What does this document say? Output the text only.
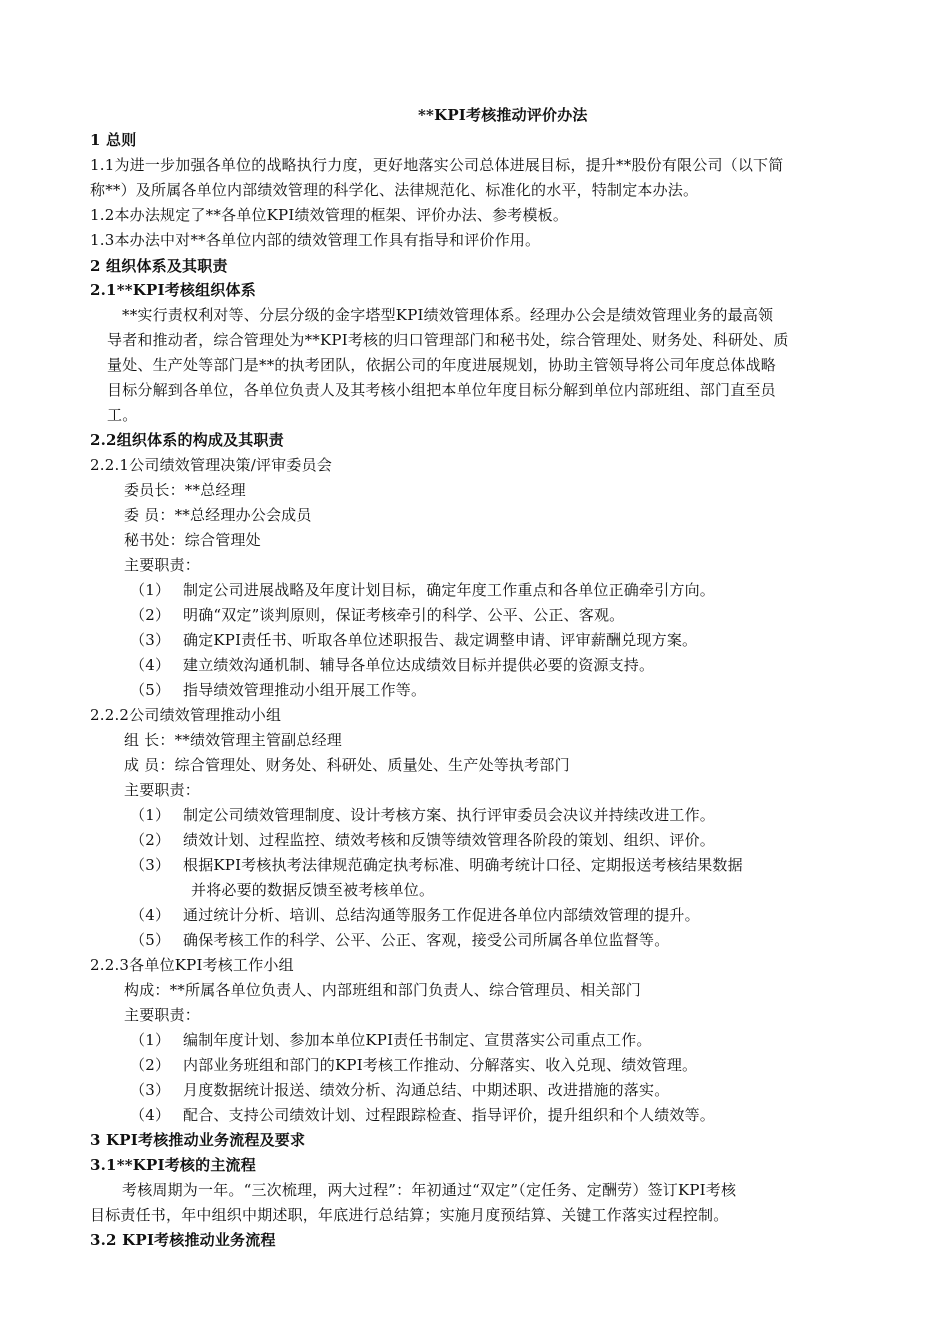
**KPI考核推动评价办法
1 总则
1.1为进一步加强各单位的战略执行力度，更好地落实公司总体进展目标，提升**股份有限公司（以下简
称**）及所属各单位内部绩效管理的科学化、法律规范化、标准化的水平，特制定本办法。
1.2本办法规定了**各单位KPI绩效管理的框架、评价办法、参考模板。
1.3本办法中对**各单位内部的绩效管理工作具有指导和评价作用。
2 组织体系及其职责
2.1**KPI考核组织体系
**实行责权利对等、分层分级的金字塔型KPI绩效管理体系。经理办公会是绩效管理业务的最高领
导者和推动者，综合管理处为**KPI考核的归口管理部门和秘书处，综合管理处、财务处、科研处、质
量处、生产处等部门是**的执考团队，依据公司的年度进展规划，协助主管领导将公司年度总体战略
目标分解到各单位，各单位负责人及其考核小组把本单位年度目标分解到单位内部班组、部门直至员
工。
2.2组织体系的构成及其职责
2.2.1公司绩效管理决策/评审委员会
委员长：**总经理
委 员：**总经理办公会成员
秘书处：综合管理处
主要职责：
（1） 制定公司进展战略及年度计划目标，确定年度工作重点和各单位正确牵引方向。
（2） 明确“双定”谈判原则，保证考核牵引的科学、公平、公正、客观。
（3） 确定KPI责任书、听取各单位述职报告、裁定调整申请、评审薪酬兑现方案。
（4） 建立绩效沟通机制、辅导各单位达成绩效目标并提供必要的资源支持。
（5） 指导绩效管理推动小组开展工作等。
2.2.2公司绩效管理推动小组
组 长：**绩效管理主管副总经理
成 员：综合管理处、财务处、科研处、质量处、生产处等执考部门
主要职责：
（1） 制定公司绩效管理制度、设计考核方案、执行评审委员会决议并持续改进工作。
（2） 绩效计划、过程监控、绩效考核和反馈等绩效管理各阶段的策划、组织、评价。
（3） 根据KPI考核执考法律规范确定执考标准、明确考统计口径、定期报送考核结果数据
并将必要的数据反馈至被考核单位。
（4） 通过统计分析、培训、总结沟通等服务工作促进各单位内部绩效管理的提升。
（5） 确保考核工作的科学、公平、公正、客观，接受公司所属各单位监督等。
2.2.3各单位KPI考核工作小组
构成：**所属各单位负责人、内部班组和部门负责人、综合管理员、相关部门
主要职责：
（1） 编制年度计划、参加本单位KPI责任书制定、宣贯落实公司重点工作。
（2） 内部业务班组和部门的KPI考核工作推动、分解落实、收入兑现、绩效管理。
（3） 月度数据统计报送、绩效分析、沟通总结、中期述职、改进措施的落实。
（4） 配合、支持公司绩效计划、过程跟踪检查、指导评价，提升组织和个人绩效等。
3 KPI考核推动业务流程及要求
3.1**KPI考核的主流程
考核周期为一年。“三次梳理，两大过程”：年初通过“双定”（定任务、定酬劳）签订KPI考核
目标责任书，年中组织中期述职，年底进行总结算；实施月度预结算、关键工作落实过程控制。
3.2 KPI考核推动业务流程
